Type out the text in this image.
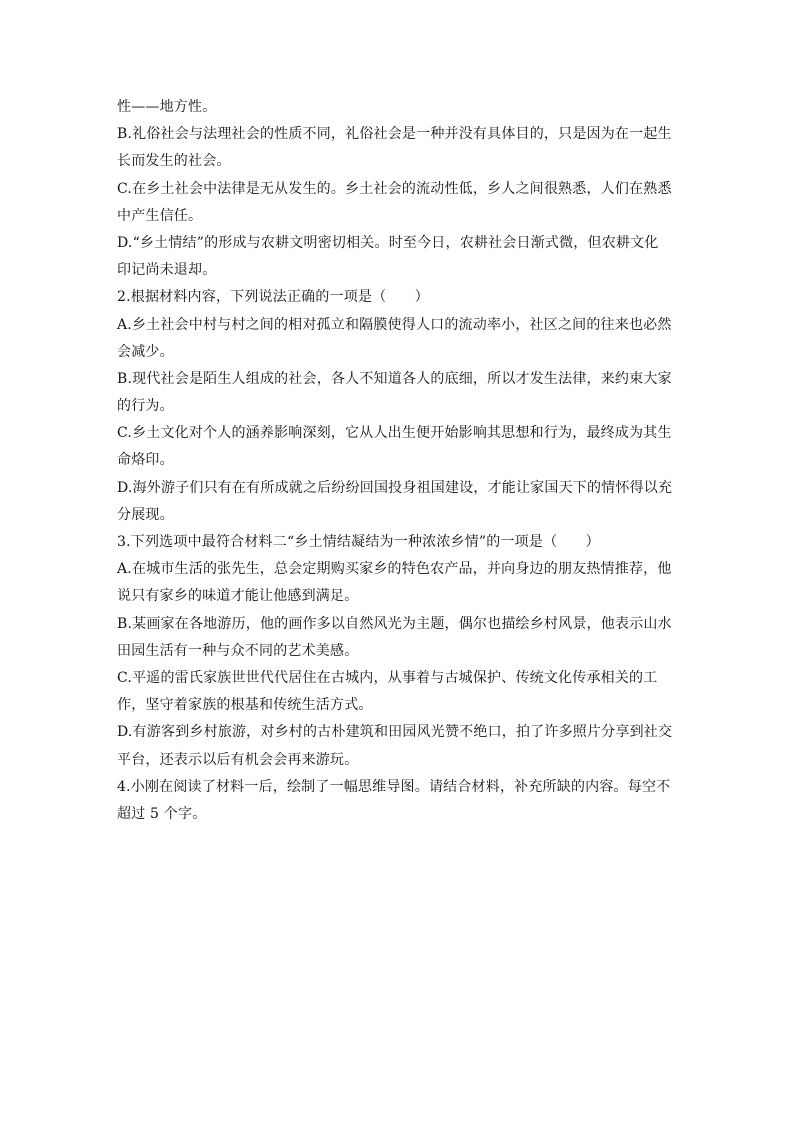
性——地方性。
B.礼俗社会与法理社会的性质不同，礼俗社会是一种并没有具体目的，只是因为在一起生
长而发生的社会。
C.在乡土社会中法律是无从发生的。乡土社会的流动性低，乡人之间很熟悉，人们在熟悉
中产生信任。
D.“乡土情结”的形成与农耕文明密切相关。时至今日，农耕社会日渐式微，但农耕文化
印记尚未退却。
2.根据材料内容，下列说法正确的一项是（　　）
A.乡土社会中村与村之间的相对孤立和隔膜使得人口的流动率小，社区之间的往来也必然
会减少。
B.现代社会是陌生人组成的社会，各人不知道各人的底细，所以才发生法律，来约束大家
的行为。
C.乡土文化对个人的涵养影响深刻，它从人出生便开始影响其思想和行为，最终成为其生
命烙印。
D.海外游子们只有在有所成就之后纷纷回国投身祖国建设，才能让家国天下的情怀得以充
分展现。
3.下列选项中最符合材料二“乡土情结凝结为一种浓浓乡情”的一项是（　　）
A.在城市生活的张先生，总会定期购买家乡的特色农产品，并向身边的朋友热情推荐，他
说只有家乡的味道才能让他感到满足。
B.某画家在各地游历，他的画作多以自然风光为主题，偶尔也描绘乡村风景，他表示山水
田园生活有一种与众不同的艺术美感。
C.平遥的雷氏家族世世代代居住在古城内，从事着与古城保护、传统文化传承相关的工
作，坚守着家族的根基和传统生活方式。
D.有游客到乡村旅游，对乡村的古朴建筑和田园风光赞不绝口，拍了许多照片分享到社交
平台，还表示以后有机会会再来游玩。
4.小刚在阅读了材料一后，绘制了一幅思维导图。请结合材料，补充所缺的内容。每空不
超过 5 个字。
